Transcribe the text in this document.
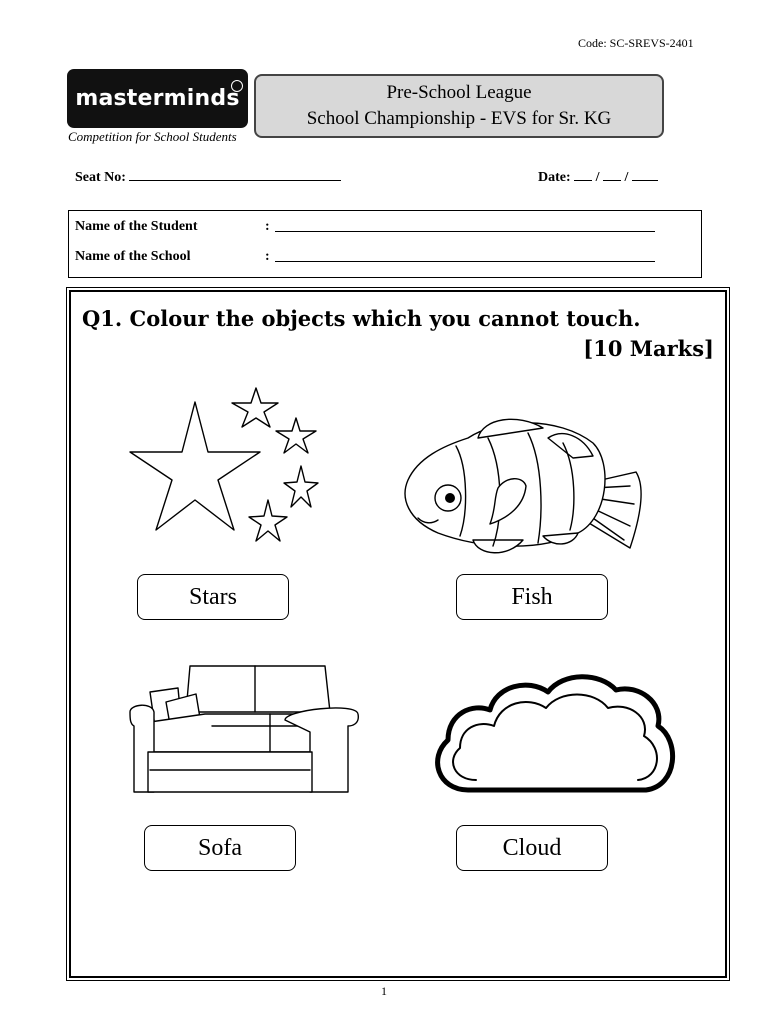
Code: SC-SREVS-2401
masterminds
Competition for School Students
Pre-School League
School Championship - EVS for Sr. KG
Seat No:	Date: / /
Name of the Student	:
Name of the School	:
Q1. Colour the objects which you cannot touch.
[10 Marks]
Stars	Fish
Sofa	Cloud
1
